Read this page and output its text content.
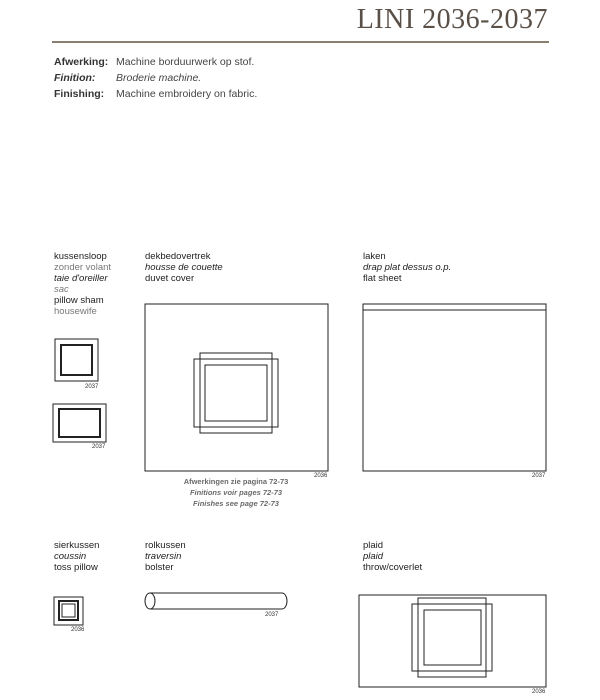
LINI 2036-2037
Afwerking: Machine borduurwerk op stof.
Finition: Broderie machine.
Finishing: Machine embroidery on fabric.
kussensloop
zonder volant
taie d'oreiller
sac
pillow sham
housewife
dekbedovertrek
housse de couette
duvet cover
laken
drap plat dessus o.p.
flat sheet
sierkussen
coussin
toss pillow
rolkussen
traversin
bolster
plaid
plaid
throw/coverlet
2037
2037
2036	2037
2036
2037
2036
Afwerkingen zie pagina 72-73
Finitions voir pages 72-73
Finishes see page 72-73
